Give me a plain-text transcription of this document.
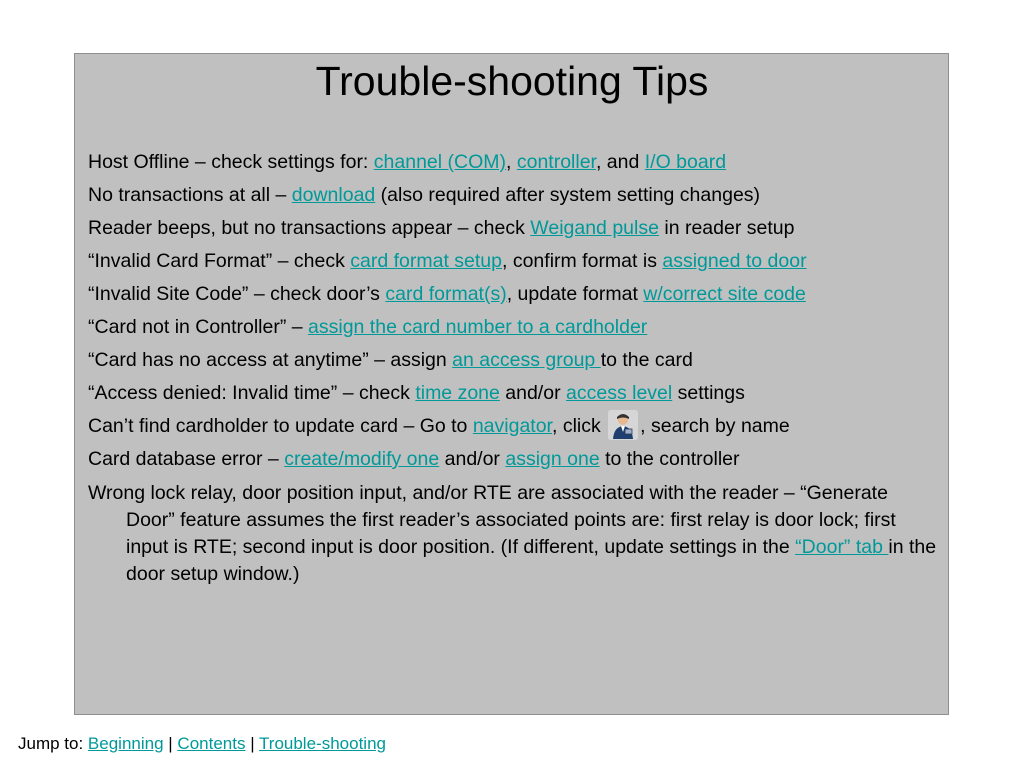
Trouble-shooting Tips

Host Offline – check settings for: channel (COM), controller, and I/O board

No transactions at all – download (also required after system setting changes)

Reader beeps, but no transactions appear – check Weigand pulse in reader setup

“Invalid Card Format” – check card format setup, confirm format is assigned to door

“Invalid Site Code” – check door’s card format(s), update format w/correct site code

“Card not in Controller” – assign the card number to a cardholder

“Card has no access at anytime” – assign an access group to the card

“Access denied: Invalid time” – check time zone and/or access level settings

Can’t find cardholder to update card – Go to navigator, click , search by name

Card database error – create/modify one and/or assign one to the controller

Wrong lock relay, door position input, and/or RTE are associated with the reader – “Generate Door” feature assumes the first reader’s associated points are: first relay is door lock; first input is RTE; second input is door position. (If different, update settings in the “Door” tab in the door setup window.)

Jump to: Beginning | Contents | Trouble-shooting
